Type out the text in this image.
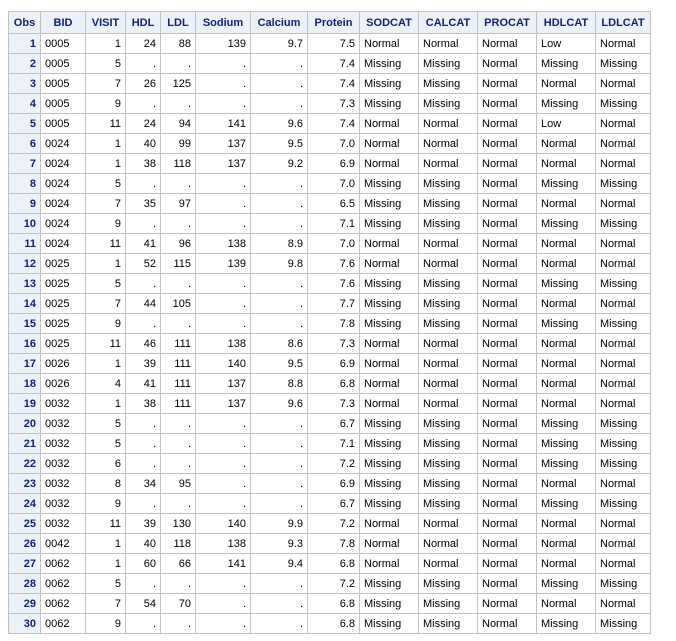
Obs	BID	VISIT	HDL	LDL	Sodium	Calcium	Protein	SODCAT	CALCAT	PROCAT	HDLCAT	LDLCAT
1	0005	1	24	88	139	9.7	7.5	Normal	Normal	Normal	Low	Normal
2	0005	5	.	.	.	.	7.4	Missing	Missing	Normal	Missing	Missing
3	0005	7	26	125	.	.	7.4	Missing	Missing	Normal	Normal	Normal
4	0005	9	.	.	.	.	7.3	Missing	Missing	Normal	Missing	Missing
5	0005	11	24	94	141	9.6	7.4	Normal	Normal	Normal	Low	Normal
6	0024	1	40	99	137	9.5	7.0	Normal	Normal	Normal	Normal	Normal
7	0024	1	38	118	137	9.2	6.9	Normal	Normal	Normal	Normal	Normal
8	0024	5	.	.	.	.	7.0	Missing	Missing	Normal	Missing	Missing
9	0024	7	35	97	.	.	6.5	Missing	Missing	Normal	Normal	Normal
10	0024	9	.	.	.	.	7.1	Missing	Missing	Normal	Missing	Missing
11	0024	11	41	96	138	8.9	7.0	Normal	Normal	Normal	Normal	Normal
12	0025	1	52	115	139	9.8	7.6	Normal	Normal	Normal	Normal	Normal
13	0025	5	.	.	.	.	7.6	Missing	Missing	Normal	Missing	Missing
14	0025	7	44	105	.	.	7.7	Missing	Missing	Normal	Normal	Normal
15	0025	9	.	.	.	.	7.8	Missing	Missing	Normal	Missing	Missing
16	0025	11	46	111	138	8.6	7.3	Normal	Normal	Normal	Normal	Normal
17	0026	1	39	111	140	9.5	6.9	Normal	Normal	Normal	Normal	Normal
18	0026	4	41	111	137	8.8	6.8	Normal	Normal	Normal	Normal	Normal
19	0032	1	38	111	137	9.6	7.3	Normal	Normal	Normal	Normal	Normal
20	0032	5	.	.	.	.	6.7	Missing	Missing	Normal	Missing	Missing
21	0032	5	.	.	.	.	7.1	Missing	Missing	Normal	Missing	Missing
22	0032	6	.	.	.	.	7.2	Missing	Missing	Normal	Missing	Missing
23	0032	8	34	95	.	.	6.9	Missing	Missing	Normal	Normal	Normal
24	0032	9	.	.	.	.	6.7	Missing	Missing	Normal	Missing	Missing
25	0032	11	39	130	140	9.9	7.2	Normal	Normal	Normal	Normal	Normal
26	0042	1	40	118	138	9.3	7.8	Normal	Normal	Normal	Normal	Normal
27	0062	1	60	66	141	9.4	6.8	Normal	Normal	Normal	Normal	Normal
28	0062	5	.	.	.	.	7.2	Missing	Missing	Normal	Missing	Missing
29	0062	7	54	70	.	.	6.8	Missing	Missing	Normal	Normal	Normal
30	0062	9	.	.	.	.	6.8	Missing	Missing	Normal	Missing	Missing
